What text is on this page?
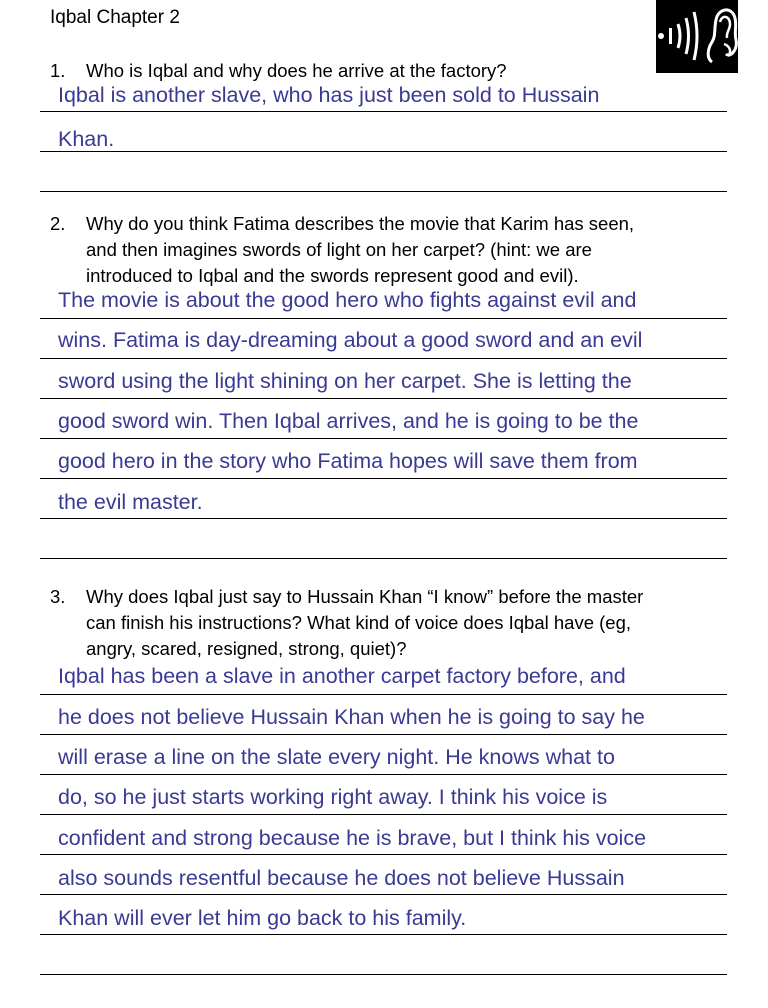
Iqbal Chapter 2
1. Who is Iqbal and why does he arrive at the factory?
Iqbal is another slave, who has just been sold to Hussain
Khan.
2. Why do you think Fatima describes the movie that Karim has seen,
and then imagines swords of light on her carpet? (hint: we are
introduced to Iqbal and the swords represent good and evil).
The movie is about the good hero who fights against evil and
wins. Fatima is day-dreaming about a good sword and an evil
sword using the light shining on her carpet. She is letting the
good sword win. Then Iqbal arrives, and he is going to be the
good hero in the story who Fatima hopes will save them from
the evil master.
3. Why does Iqbal just say to Hussain Khan “I know” before the master
can finish his instructions? What kind of voice does Iqbal have (eg,
angry, scared, resigned, strong, quiet)?
Iqbal has been a slave in another carpet factory before, and
he does not believe Hussain Khan when he is going to say he
will erase a line on the slate every night. He knows what to
do, so he just starts working right away. I think his voice is
confident and strong because he is brave, but I think his voice
also sounds resentful because he does not believe Hussain
Khan will ever let him go back to his family.
